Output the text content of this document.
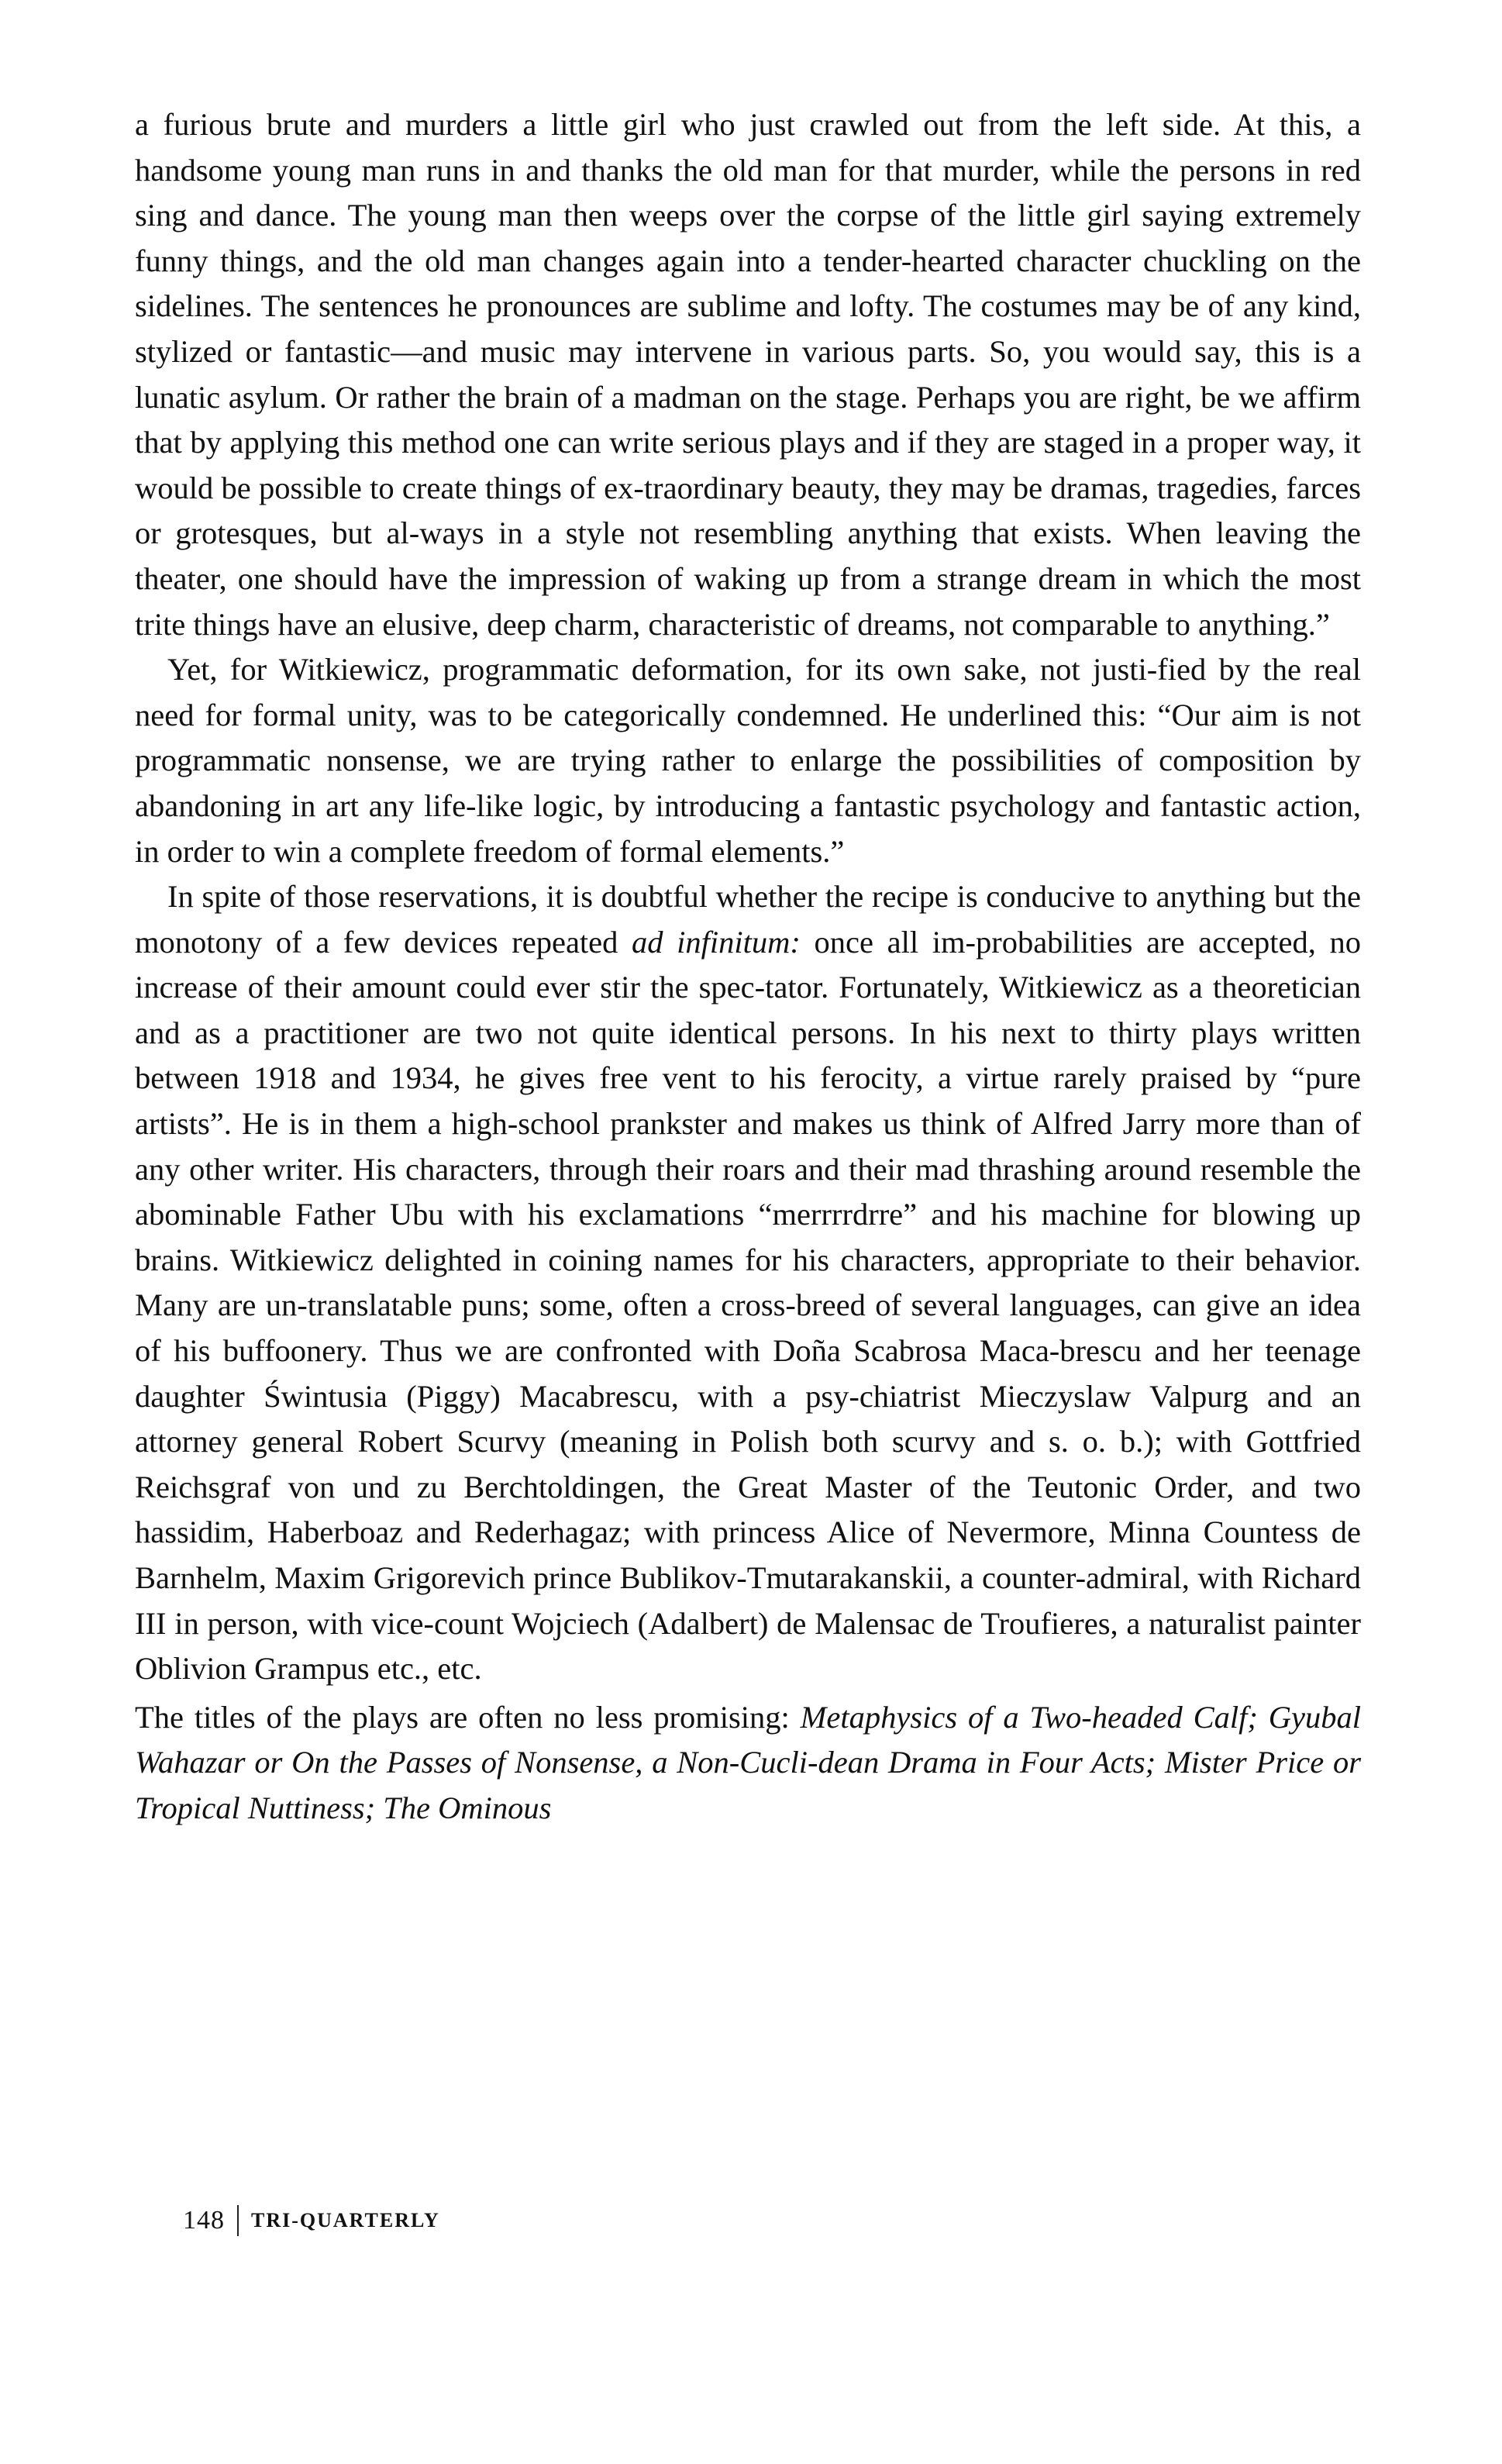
a furious brute and murders a little girl who just crawled out from the left side. At this, a handsome young man runs in and thanks the old man for that murder, while the persons in red sing and dance. The young man then weeps over the corpse of the little girl saying extremely funny things, and the old man changes again into a tender-hearted character chuckling on the sidelines. The sentences he pronounces are sublime and lofty. The costumes may be of any kind, stylized or fantastic—and music may intervene in various parts. So, you would say, this is a lunatic asylum. Or rather the brain of a madman on the stage. Perhaps you are right, be we affirm that by applying this method one can write serious plays and if they are staged in a proper way, it would be possible to create things of ex-traordinary beauty, they may be dramas, tragedies, farces or grotesques, but al-ways in a style not resembling anything that exists. When leaving the theater, one should have the impression of waking up from a strange dream in which the most trite things have an elusive, deep charm, characteristic of dreams, not comparable to anything.”

Yet, for Witkiewicz, programmatic deformation, for its own sake, not justi-fied by the real need for formal unity, was to be categorically condemned. He underlined this: “Our aim is not programmatic nonsense, we are trying rather to enlarge the possibilities of composition by abandoning in art any life-like logic, by introducing a fantastic psychology and fantastic action, in order to win a complete freedom of formal elements.”

In spite of those reservations, it is doubtful whether the recipe is conducive to anything but the monotony of a few devices repeated ad infinitum: once all im-probabilities are accepted, no increase of their amount could ever stir the spec-tator. Fortunately, Witkiewicz as a theoretician and as a practitioner are two not quite identical persons. In his next to thirty plays written between 1918 and 1934, he gives free vent to his ferocity, a virtue rarely praised by “pure artists”. He is in them a high-school prankster and makes us think of Alfred Jarry more than of any other writer. His characters, through their roars and their mad thrashing around resemble the abominable Father Ubu with his exclamations “merrrrdrre” and his machine for blowing up brains. Witkiewicz delighted in coining names for his characters, appropriate to their behavior. Many are un-translatable puns; some, often a cross-breed of several languages, can give an idea of his buffoonery. Thus we are confronted with Doña Scabrosa Maca-brescu and her teenage daughter Świntusia (Piggy) Macabrescu, with a psy-chiatrist Mieczyslaw Valpurg and an attorney general Robert Scurvy (meaning in Polish both scurvy and s. o. b.); with Gottfried Reichsgraf von und zu Berchtoldingen, the Great Master of the Teutonic Order, and two hassidim, Haberboaz and Rederhagaz; with princess Alice of Nevermore, Minna Countess de Barnhelm, Maxim Grigorevich prince Bublikov-Tmutarakanskii, a counter-admiral, with Richard III in person, with vice-count Wojciech (Adalbert) de Malensac de Troufieres, a naturalist painter Oblivion Grampus etc., etc.

The titles of the plays are often no less promising: Metaphysics of a Two-headed Calf; Gyubal Wahazar or On the Passes of Nonsense, a Non-Cucli-dean Drama in Four Acts; Mister Price or Tropical Nuttiness; The Ominous

148 TRI-QUARTERLY
